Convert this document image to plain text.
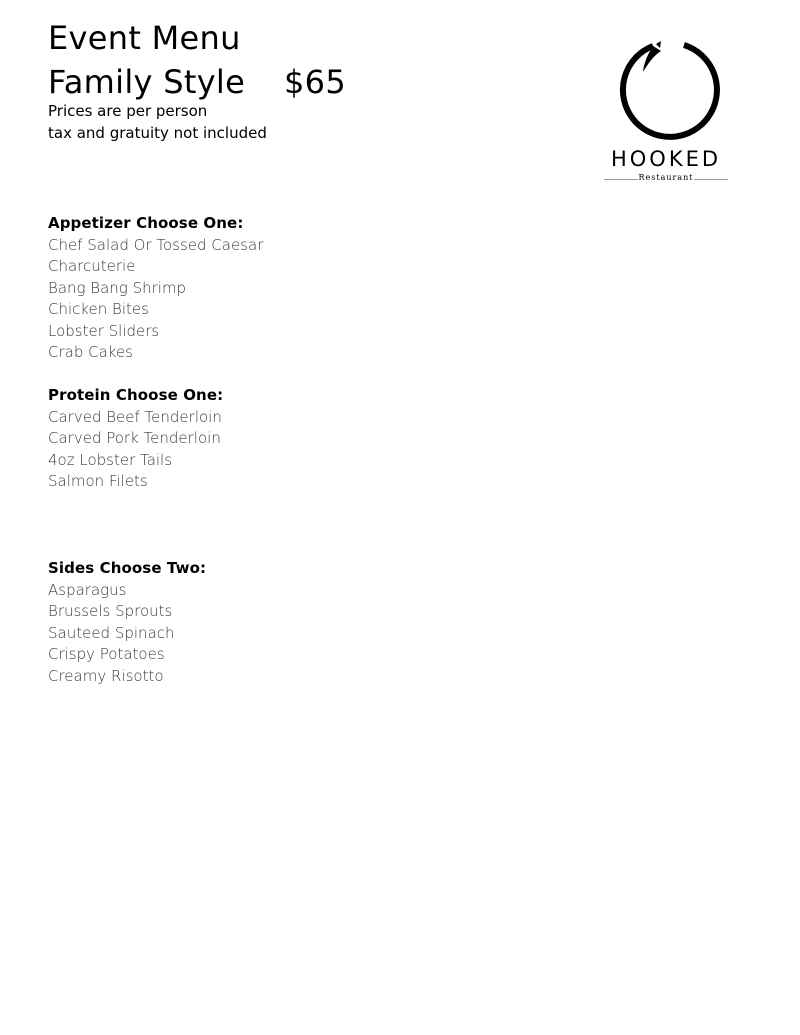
Event Menu
Family Style $65
Prices are per person
tax and gratuity not included
HOOKED
Restaurant
Appetizer Choose One:
Chef Salad Or Tossed Caesar
Charcuterie
Bang Bang Shrimp
Chicken Bites
Lobster Sliders
Crab Cakes
Protein Choose One:
Carved Beef Tenderloin
Carved Pork Tenderloin
4oz Lobster Tails
Salmon Filets
Sides Choose Two:
Asparagus
Brussels Sprouts
Sauteed Spinach
Crispy Potatoes
Creamy Risotto
